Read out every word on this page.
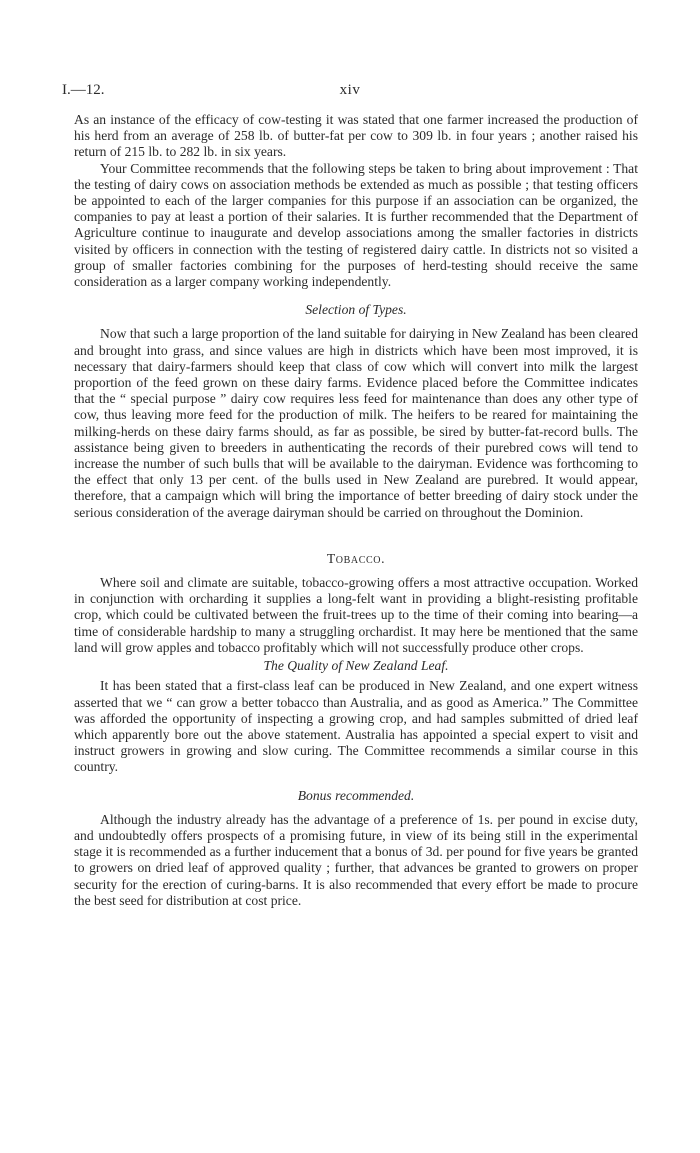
I.—12.	xiv

As an instance of the efficacy of cow-testing it was stated that one farmer increased the production of his herd from an average of 258 lb. of butter-fat per cow to 309 lb. in four years ; another raised his return of 215 lb. to 282 lb. in six years.

Your Committee recommends that the following steps be taken to bring about improvement : That the testing of dairy cows on association methods be extended as much as possible ; that testing officers be appointed to each of the larger companies for this purpose if an association can be organized, the companies to pay at least a portion of their salaries. It is further recommended that the Department of Agriculture continue to inaugurate and develop associations among the smaller factories in districts visited by officers in connection with the testing of registered dairy cattle. In districts not so visited a group of smaller factories combining for the purposes of herd-testing should receive the same consideration as a larger company working independently.

Selection of Types.

Now that such a large proportion of the land suitable for dairying in New Zealand has been cleared and brought into grass, and since values are high in districts which have been most improved, it is necessary that dairy-farmers should keep that class of cow which will convert into milk the largest proportion of the feed grown on these dairy farms. Evidence placed before the Committee indicates that the “ special purpose ” dairy cow requires less feed for maintenance than does any other type of cow, thus leaving more feed for the production of milk. The heifers to be reared for maintaining the milking-herds on these dairy farms should, as far as possible, be sired by butter-fat-record bulls. The assistance being given to breeders in authenticating the records of their purebred cows will tend to increase the number of such bulls that will be available to the dairyman. Evidence was forthcoming to the effect that only 13 per cent. of the bulls used in New Zealand are purebred. It would appear, therefore, that a campaign which will bring the importance of better breeding of dairy stock under the serious consideration of the average dairyman should be carried on throughout the Dominion.

Tobacco.

Where soil and climate are suitable, tobacco-growing offers a most attractive occupation. Worked in conjunction with orcharding it supplies a long-felt want in providing a blight-resisting profitable crop, which could be cultivated between the fruit-trees up to the time of their coming into bearing—a time of considerable hardship to many a struggling orchardist. It may here be mentioned that the same land will grow apples and tobacco profitably which will not successfully produce other crops.

The Quality of New Zealand Leaf.

It has been stated that a first-class leaf can be produced in New Zealand, and one expert witness asserted that we “ can grow a better tobacco than Australia, and as good as America.” The Committee was afforded the opportunity of inspecting a growing crop, and had samples submitted of dried leaf which apparently bore out the above statement. Australia has appointed a special expert to visit and instruct growers in growing and slow curing. The Committee recommends a similar course in this country.

Bonus recommended.

Although the industry already has the advantage of a preference of 1s. per pound in excise duty, and undoubtedly offers prospects of a promising future, in view of its being still in the experimental stage it is recommended as a further inducement that a bonus of 3d. per pound for five years be granted to growers on dried leaf of approved quality ; further, that advances be granted to growers on proper security for the erection of curing-barns. It is also recommended that every effort be made to procure the best seed for distribution at cost price.
